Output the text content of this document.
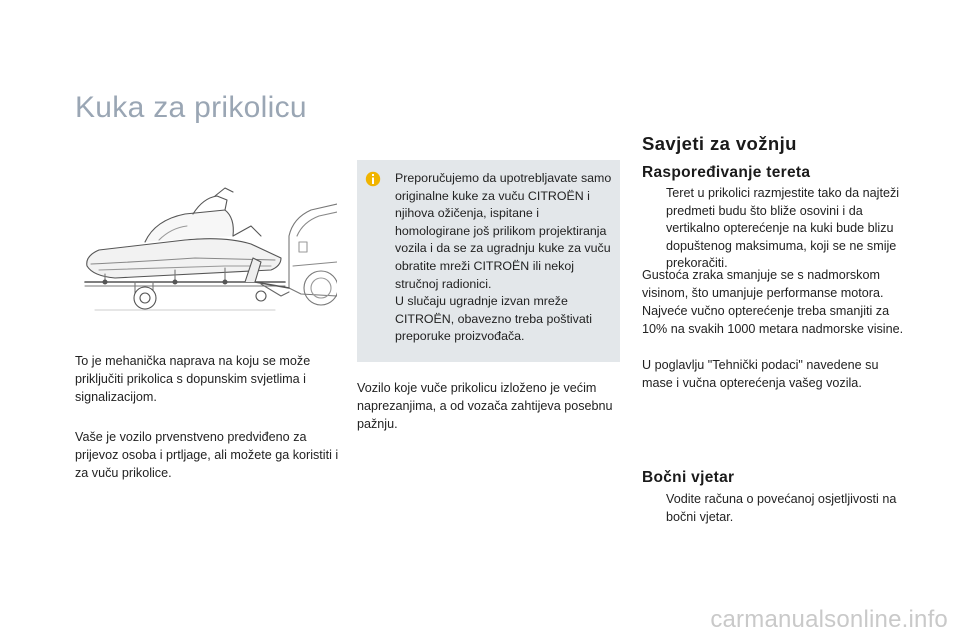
Kuka za prikolicu
To je mehanička naprava na koju se može priključiti prikolica s dopunskim svjetlima i signalizacijom.
Vaše je vozilo prvenstveno predviđeno za prijevoz osoba i prtljage, ali možete ga koristiti i za vuču prikolice.
Preporučujemo da upotrebljavate samo originalne kuke za vuču CITROËN i njihova ožičenja, ispitane i homologirane još prilikom projektiranja vozila i da se za ugradnju kuke za vuču obratite mreži CITROËN ili nekoj stručnoj radionici.
U slučaju ugradnje izvan mreže CITROËN, obavezno treba poštivati preporuke proizvođača.
Vozilo koje vuče prikolicu izloženo je većim naprezanjima, a od vozača zahtijeva posebnu pažnju.
Savjeti za vožnju
Raspoređivanje tereta
Teret u prikolici razmjestite tako da najteži predmeti budu što bliže osovini i da vertikalno opterećenje na kuki bude blizu dopuštenog maksimuma, koji se ne smije prekoračiti.
Gustoća zraka smanjuje se s nadmorskom visinom, što umanjuje performanse motora. Najveće vučno opterećenje treba smanjiti za 10% na svakih 1000 metara nadmorske visine.
U poglavlju "Tehnički podaci" navedene su mase i vučna opterećenja vašeg vozila.
Bočni vjetar
Vodite računa o povećanoj osjetljivosti na bočni vjetar.
carmanualsonline.info
